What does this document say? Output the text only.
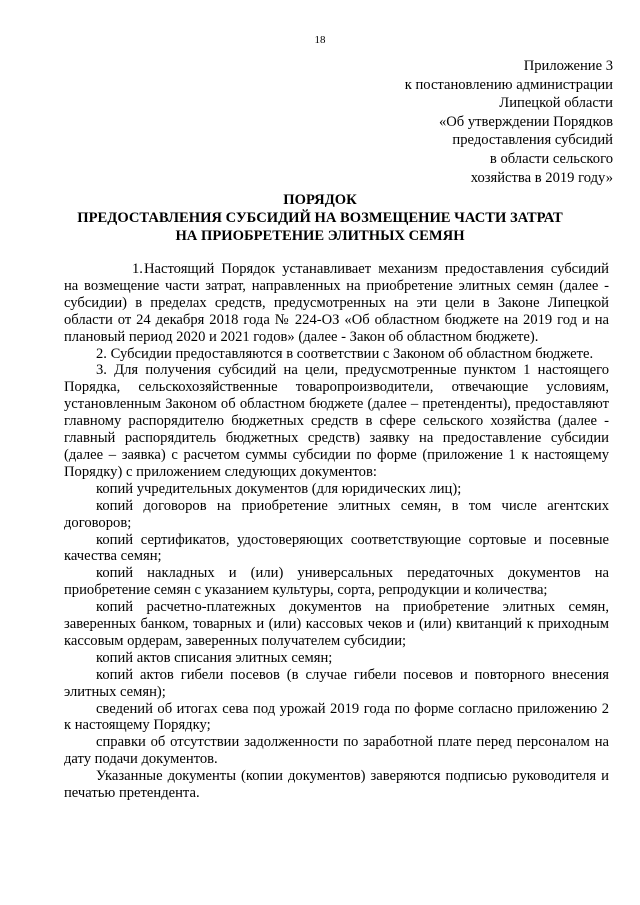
18
Приложение 3
к постановлению администрации
Липецкой области
«Об утверждении Порядков
предоставления субсидий
в области сельского
хозяйства в 2019 году»
ПОРЯДОК
ПРЕДОСТАВЛЕНИЯ СУБСИДИЙ НА ВОЗМЕЩЕНИЕ ЧАСТИ ЗАТРАТ
НА ПРИОБРЕТЕНИЕ ЭЛИТНЫХ СЕМЯН

1.Настоящий Порядок устанавливает механизм предоставления субсидий на возмещение части затрат, направленных на приобретение элитных семян (далее - субсидии) в пределах средств, предусмотренных на эти цели в Законе Липецкой области от 24 декабря 2018 года № 224-ОЗ «Об областном бюджете на 2019 год и на плановый период 2020 и 2021 годов» (далее - Закон об областном бюджете).

2. Субсидии предоставляются в соответствии с Законом об областном бюджете.

3. Для получения субсидий на цели, предусмотренные пунктом 1 настоящего Порядка, сельскохозяйственные товаропроизводители, отвечающие условиям, установленным Законом об областном бюджете (далее – претенденты), предоставляют главному распорядителю бюджетных средств в сфере сельского хозяйства (далее - главный распорядитель бюджетных средств) заявку на предоставление субсидии (далее – заявка) с расчетом суммы субсидии по форме (приложение 1 к настоящему Порядку) с приложением следующих документов:

копий учредительных документов (для юридических лиц);

копий договоров на приобретение элитных семян, в том числе агентских договоров;

копий сертификатов, удостоверяющих соответствующие сортовые и посевные качества семян;

копий накладных и (или) универсальных передаточных документов на приобретение семян с указанием культуры, сорта, репродукции и количества;

копий расчетно-платежных документов на приобретение элитных семян, заверенных банком, товарных и (или) кассовых чеков и (или) квитанций к приходным кассовым ордерам, заверенных получателем субсидии;

копий актов списания элитных семян;

копий актов гибели посевов (в случае гибели посевов и повторного внесения элитных семян);

сведений об итогах сева под урожай 2019 года по форме согласно приложению 2 к настоящему Порядку;

справки об отсутствии задолженности по заработной плате перед персоналом на дату подачи документов.

Указанные документы (копии документов) заверяются подписью руководителя и печатью претендента.
